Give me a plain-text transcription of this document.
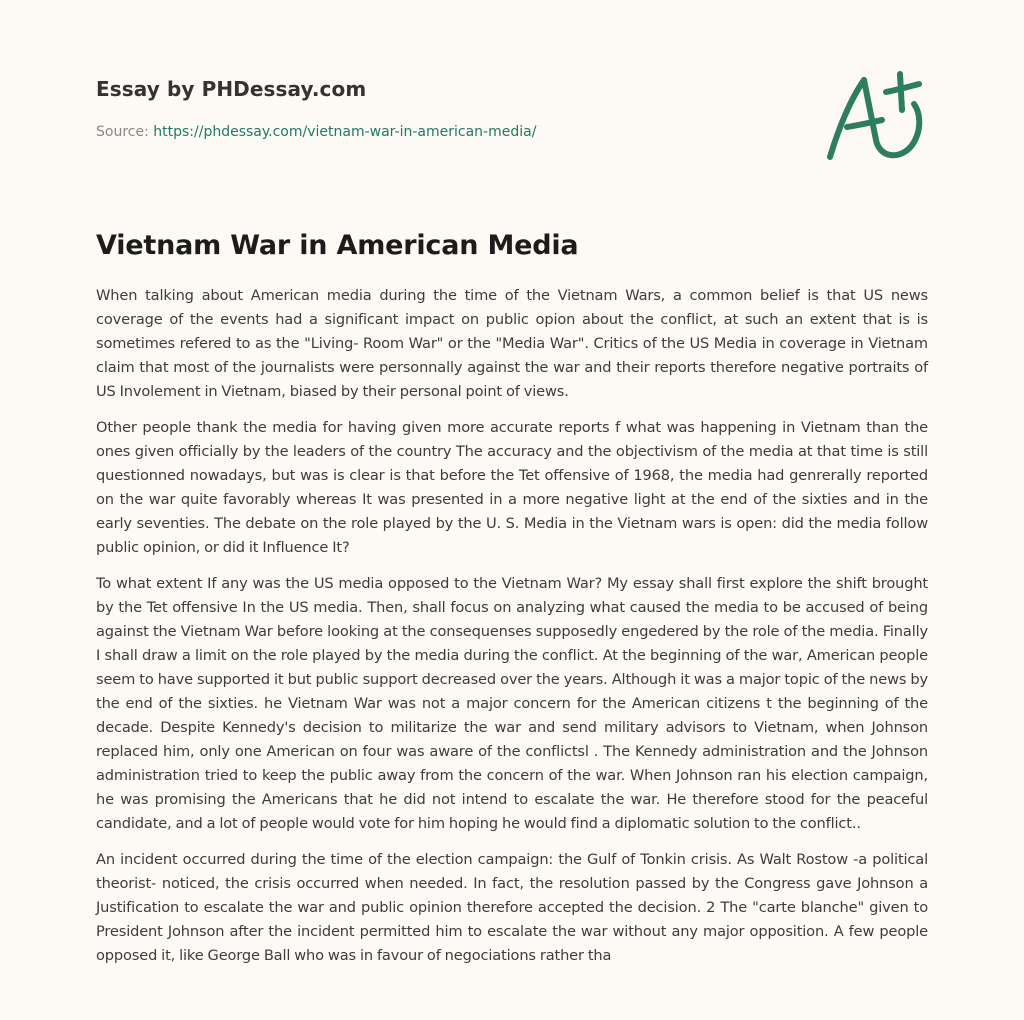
Essay by PHDessay.com
Source: https://phdessay.com/vietnam-war-in-american-media/
Vietnam War in American Media

When talking about American media during the time of the Vietnam Wars, a common belief is that US news coverage of the events had a significant impact on public opion about the conflict, at such an extent that is is sometimes refered to as the "Living- Room War" or the "Media War". Critics of the US Media in coverage in Vietnam claim that most of the journalists were personnally against the war and their reports therefore negative portraits of US Involement in Vietnam, biased by their personal point of views.

Other people thank the media for having given more accurate reports f what was happening in Vietnam than the ones given officially by the leaders of the country The accuracy and the objectivism of the media at that time is still questionned nowadays, but was is clear is that before the Tet offensive of 1968, the media had genrerally reported on the war quite favorably whereas It was presented in a more negative light at the end of the sixties and in the early seventies. The debate on the role played by the U. S. Media in the Vietnam wars is open: did the media follow public opinion, or did it Influence It?

To what extent If any was the US media opposed to the Vietnam War? My essay shall first explore the shift brought by the Tet offensive In the US media. Then, shall focus on analyzing what caused the media to be accused of being against the Vietnam War before looking at the consequenses supposedly engedered by the role of the media. Finally I shall draw a limit on the role played by the media during the conflict. At the beginning of the war, American people seem to have supported it but public support decreased over the years. Although it was a major topic of the news by the end of the sixties. he Vietnam War was not a major concern for the American citizens t the beginning of the decade. Despite Kennedy's decision to militarize the war and send military advisors to Vietnam, when Johnson replaced him, only one American on four was aware of the conflictsl . The Kennedy administration and the Johnson administration tried to keep the public away from the concern of the war. When Johnson ran his election campaign, he was promising the Americans that he did not intend to escalate the war. He therefore stood for the peaceful candidate, and a lot of people would vote for him hoping he would find a diplomatic solution to the conflict..

An incident occurred during the time of the election campaign: the Gulf of Tonkin crisis. As Walt Rostow -a political theorist- noticed, the crisis occurred when needed. In fact, the resolution passed by the Congress gave Johnson a Justification to escalate the war and public opinion therefore accepted the decision. 2 The "carte blanche" given to President Johnson after the incident permitted him to escalate the war without any major opposition. A few people opposed it, like George Ball who was in favour of negociations rather tha
